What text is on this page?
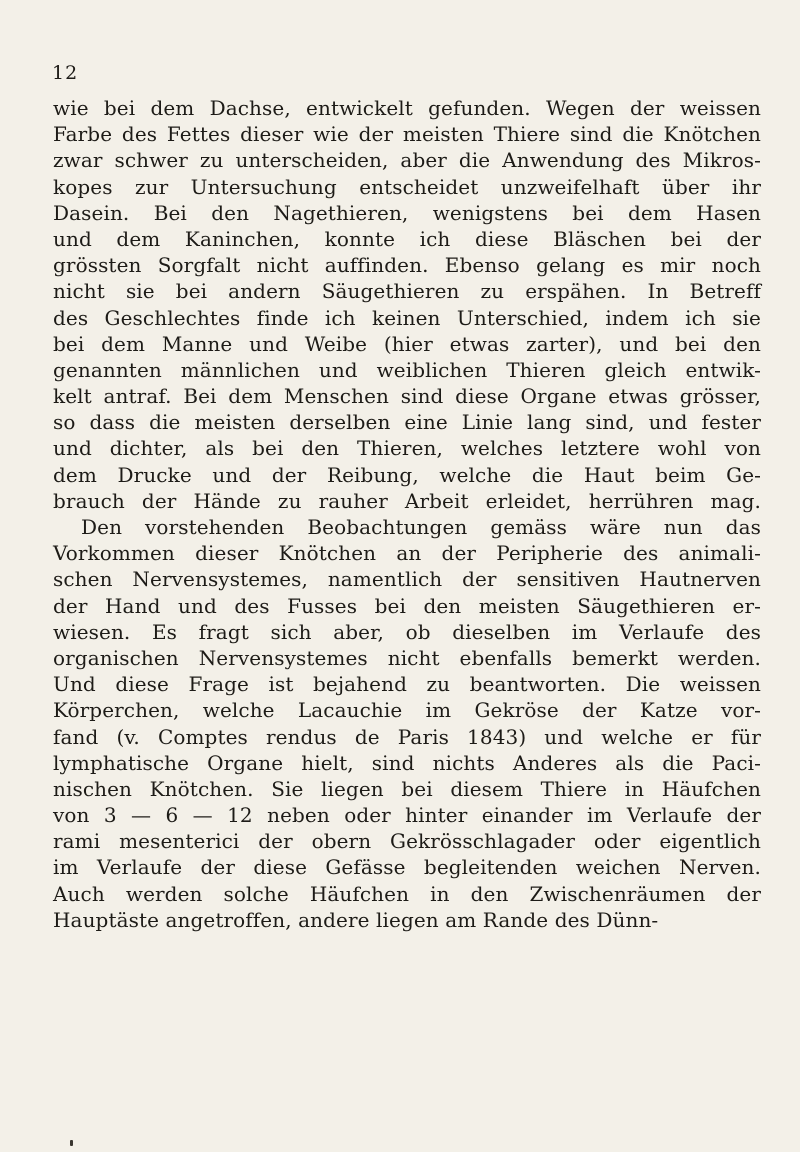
12
wie bei dem Dachse, entwickelt gefunden. Wegen der weissen
Farbe des Fettes dieser wie der meisten Thiere sind die Knötchen
zwar schwer zu unterscheiden, aber die Anwendung des Mikros-
kopes zur Untersuchung entscheidet unzweifelhaft über ihr
Dasein. Bei den Nagethieren, wenigstens bei dem Hasen
und dem Kaninchen, konnte ich diese Bläschen bei der
grössten Sorgfalt nicht auffinden. Ebenso gelang es mir noch
nicht sie bei andern Säugethieren zu erspähen. In Betreff
des Geschlechtes finde ich keinen Unterschied, indem ich sie
bei dem Manne und Weibe (hier etwas zarter), und bei den
genannten männlichen und weiblichen Thieren gleich entwik-
kelt antraf. Bei dem Menschen sind diese Organe etwas grösser,
so dass die meisten derselben eine Linie lang sind, und fester
und dichter, als bei den Thieren, welches letztere wohl von
dem Drucke und der Reibung, welche die Haut beim Ge-
brauch der Hände zu rauher Arbeit erleidet, herrühren mag.
Den vorstehenden Beobachtungen gemäss wäre nun das
Vorkommen dieser Knötchen an der Peripherie des animali-
schen Nervensystemes, namentlich der sensitiven Hautnerven
der Hand und des Fusses bei den meisten Säugethieren er-
wiesen. Es fragt sich aber, ob dieselben im Verlaufe des
organischen Nervensystemes nicht ebenfalls bemerkt werden.
Und diese Frage ist bejahend zu beantworten. Die weissen
Körperchen, welche Lacauchie im Gekröse der Katze vor-
fand (v. Comptes rendus de Paris 1843) und welche er für
lymphatische Organe hielt, sind nichts Anderes als die Paci-
nischen Knötchen. Sie liegen bei diesem Thiere in Häufchen
von 3 — 6 — 12 neben oder hinter einander im Verlaufe der
rami mesenterici der obern Gekrösschlagader oder eigentlich
im Verlaufe der diese Gefässe begleitenden weichen Nerven.
Auch werden solche Häufchen in den Zwischenräumen der
Hauptäste angetroffen, andere liegen am Rande des Dünn-
